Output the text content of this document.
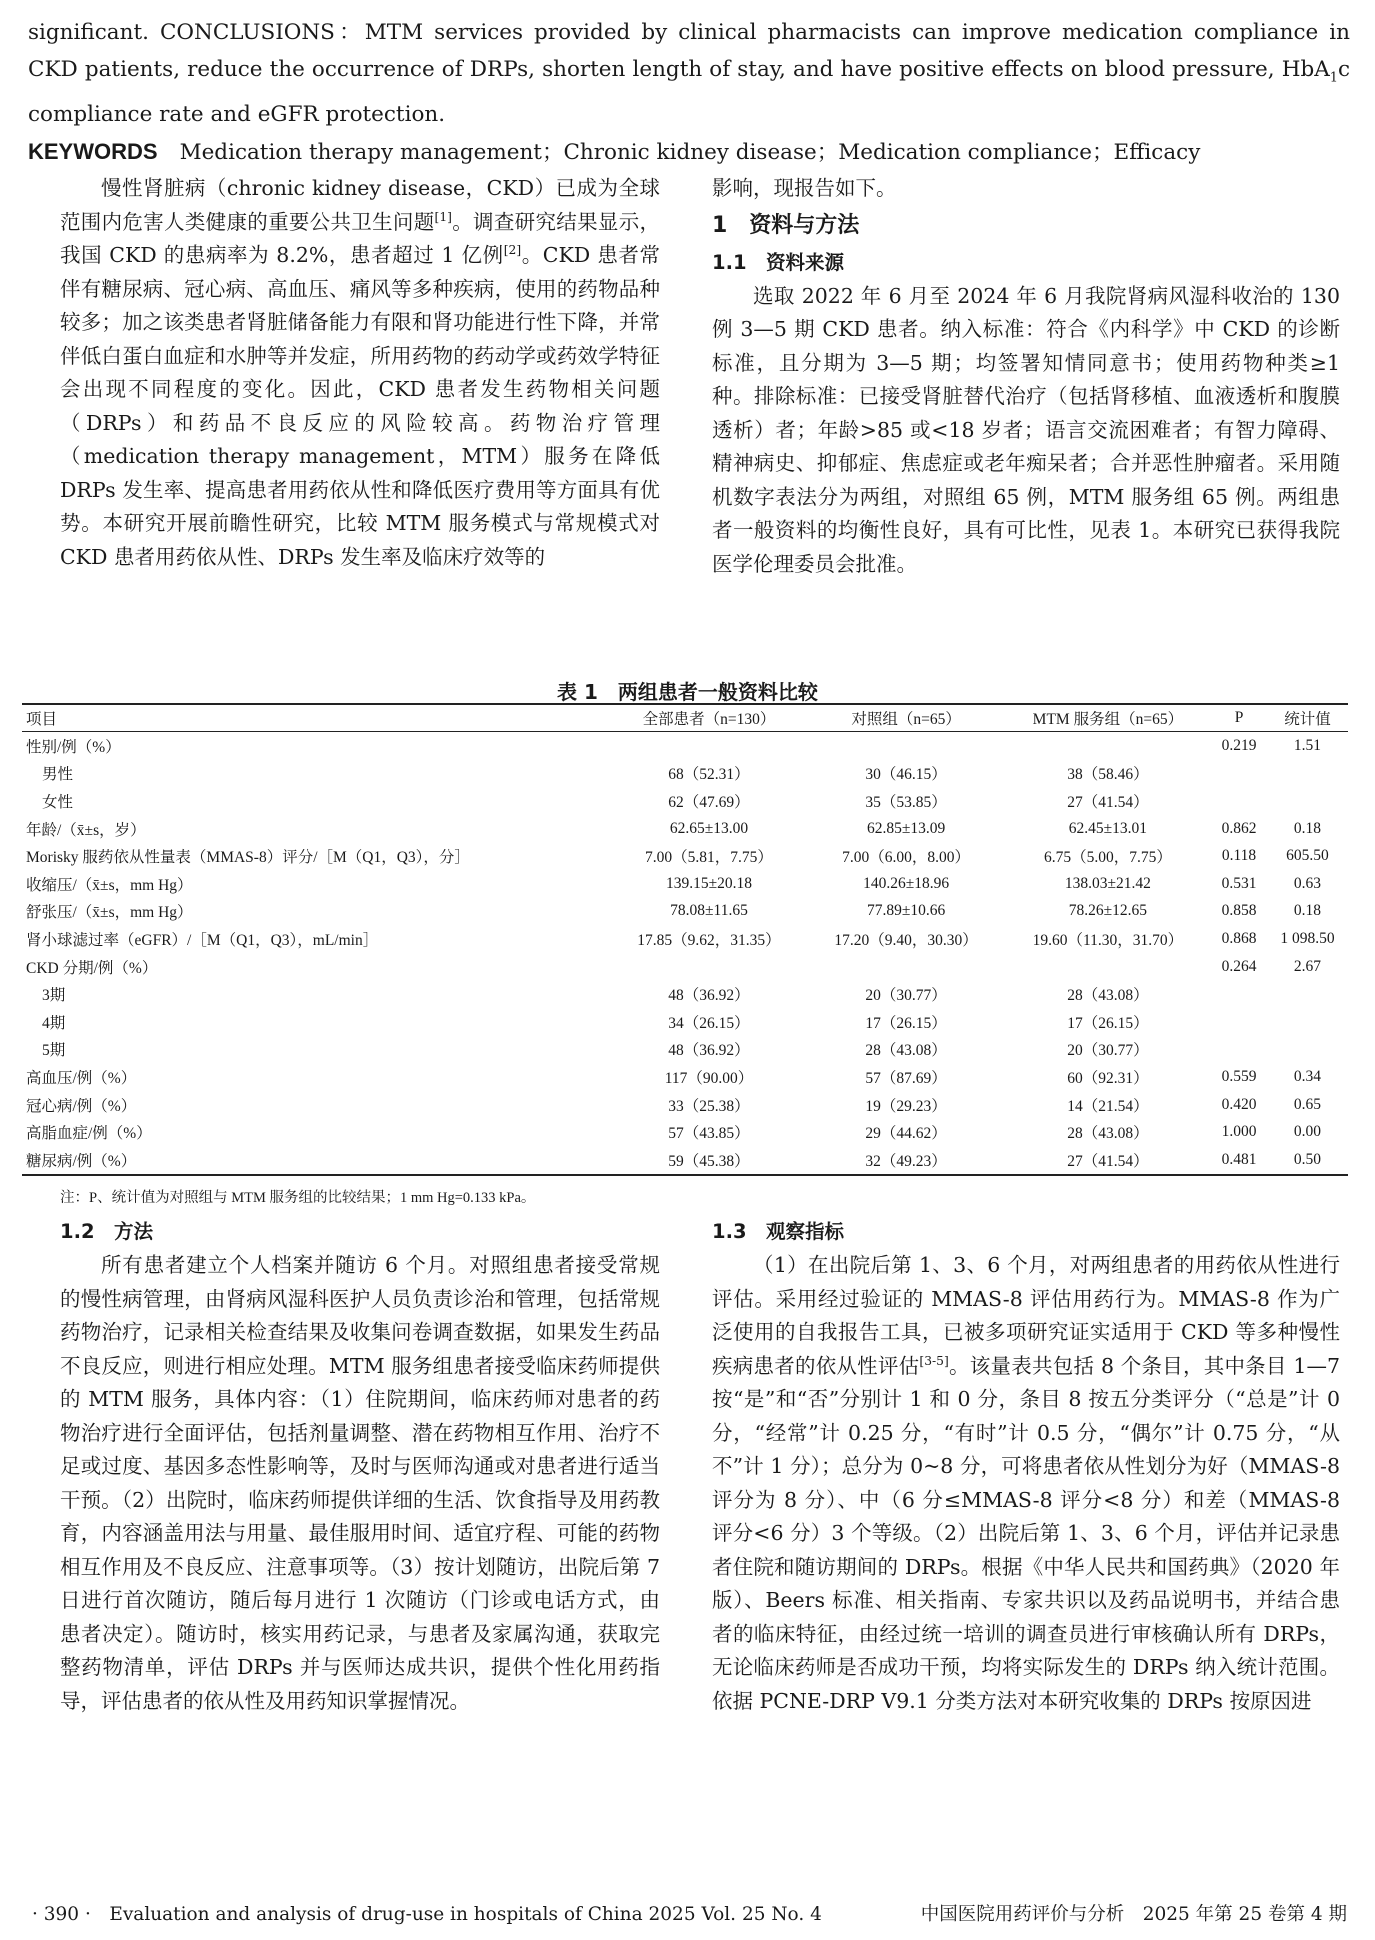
significant. CONCLUSIONS：MTM services provided by clinical pharmacists can improve medication compliance in CKD patients, reduce the occurrence of DRPs, shorten length of stay, and have positive effects on blood pressure, HbA$_1$c compliance rate and eGFR protection.

KEYWORDS Medication therapy management；Chronic kidney disease；Medication compliance；Efficacy

慢性肾脏病（chronic kidney disease，CKD）已成为全球范围内危害人类健康的重要公共卫生问题[1]。调查研究结果显示，我国 CKD 的患病率为 8.2%，患者超过 1 亿例[2]。CKD 患者常伴有糖尿病、冠心病、高血压、痛风等多种疾病，使用的药物品种较多；加之该类患者肾脏储备能力有限和肾功能进行性下降，并常伴低白蛋白血症和水肿等并发症，所用药物的药动学或药效学特征会出现不同程度的变化。因此，CKD 患者发生药物相关问题（DRPs）和药品不良反应的风险较高。药物治疗管理（medication therapy management，MTM）服务在降低 DRPs 发生率、提高患者用药依从性和降低医疗费用等方面具有优势。本研究开展前瞻性研究，比较 MTM 服务模式与常规模式对 CKD 患者用药依从性、DRPs 发生率及临床疗效等的

影响，现报告如下。

1　资料与方法
1.1　资料来源

选取 2022 年 6 月至 2024 年 6 月我院肾病风湿科收治的 130 例 3—5 期 CKD 患者。纳入标准：符合《内科学》中 CKD 的诊断标准，且分期为 3—5 期；均签署知情同意书；使用药物种类≥1 种。排除标准：已接受肾脏替代治疗（包括肾移植、血液透析和腹膜透析）者；年龄>85 或<18 岁者；语言交流困难者；有智力障碍、精神病史、抑郁症、焦虑症或老年痴呆者；合并恶性肿瘤者。采用随机数字表法分为两组，对照组 65 例，MTM 服务组 65 例。两组患者一般资料的均衡性良好，具有可比性，见表 1。本研究已获得我院医学伦理委员会批准。

表 1　两组患者一般资料比较
项目	全部患者（n=130）	对照组（n=65）	MTM 服务组（n=65）	P	统计值
性别/例（%）				0.219	1.51
男性	68（52.31）	30（46.15）	38（58.46）		
女性	62（47.69）	35（53.85）	27（41.54）		
年龄/（x̄±s，岁）	62.65±13.00	62.85±13.09	62.45±13.01	0.862	0.18
Morisky 服药依从性量表（MMAS-8）评分/［M（Q1，Q3），分］	7.00（5.81，7.75）	7.00（6.00，8.00）	6.75（5.00，7.75）	0.118	605.50
收缩压/（x̄±s，mm Hg）	139.15±20.18	140.26±18.96	138.03±21.42	0.531	0.63
舒张压/（x̄±s，mm Hg）	78.08±11.65	77.89±10.66	78.26±12.65	0.858	0.18
肾小球滤过率（eGFR）/［M（Q1，Q3），mL/min］	17.85（9.62，31.35）	17.20（9.40，30.30）	19.60（11.30，31.70）	0.868	1 098.50
CKD 分期/例（%）				0.264	2.67
3期	48（36.92）	20（30.77）	28（43.08）		
4期	34（26.15）	17（26.15）	17（26.15）		
5期	48（36.92）	28（43.08）	20（30.77）		
高血压/例（%）	117（90.00）	57（87.69）	60（92.31）	0.559	0.34
冠心病/例（%）	33（25.38）	19（29.23）	14（21.54）	0.420	0.65
高脂血症/例（%）	57（43.85）	29（44.62）	28（43.08）	1.000	0.00
糖尿病/例（%）	59（45.38）	32（49.23）	27（41.54）	0.481	0.50
注：P、统计值为对照组与 MTM 服务组的比较结果；1 mm Hg=0.133 kPa。
1.2　方法

所有患者建立个人档案并随访 6 个月。对照组患者接受常规的慢性病管理，由肾病风湿科医护人员负责诊治和管理，包括常规药物治疗，记录相关检查结果及收集问卷调查数据，如果发生药品不良反应，则进行相应处理。MTM 服务组患者接受临床药师提供的 MTM 服务，具体内容：（1）住院期间，临床药师对患者的药物治疗进行全面评估，包括剂量调整、潜在药物相互作用、治疗不足或过度、基因多态性影响等，及时与医师沟通或对患者进行适当干预。（2）出院时，临床药师提供详细的生活、饮食指导及用药教育，内容涵盖用法与用量、最佳服用时间、适宜疗程、可能的药物相互作用及不良反应、注意事项等。（3）按计划随访，出院后第 7 日进行首次随访，随后每月进行 1 次随访（门诊或电话方式，由患者决定）。随访时，核实用药记录，与患者及家属沟通，获取完整药物清单，评估 DRPs 并与医师达成共识，提供个性化用药指导，评估患者的依从性及用药知识掌握情况。

1.3　观察指标

（1）在出院后第 1、3、6 个月，对两组患者的用药依从性进行评估。采用经过验证的 MMAS-8 评估用药行为。MMAS-8 作为广泛使用的自我报告工具，已被多项研究证实适用于 CKD 等多种慢性疾病患者的依从性评估[3-5]。该量表共包括 8 个条目，其中条目 1—7 按“是”和“否”分别计 1 和 0 分，条目 8 按五分类评分（“总是”计 0 分，“经常”计 0.25 分，“有时”计 0.5 分，“偶尔”计 0.75 分，“从不”计 1 分）；总分为 0~8 分，可将患者依从性划分为好（MMAS-8 评分为 8 分）、中（6 分≤MMAS-8 评分<8 分）和差（MMAS-8 评分<6 分）3 个等级。（2）出院后第 1、3、6 个月，评估并记录患者住院和随访期间的 DRPs。根据《中华人民共和国药典》（2020 年版）、Beers 标准、相关指南、专家共识以及药品说明书，并结合患者的临床特征，由经过统一培训的调查员进行审核确认所有 DRPs，无论临床药师是否成功干预，均将实际发生的 DRPs 纳入统计范围。依据 PCNE-DRP V9.1 分类方法对本研究收集的 DRPs 按原因进

· 390 ·　Evaluation and analysis of drug-use in hospitals of China 2025 Vol. 25 No. 4	中国医院用药评价与分析　2025 年第 25 卷第 4 期
